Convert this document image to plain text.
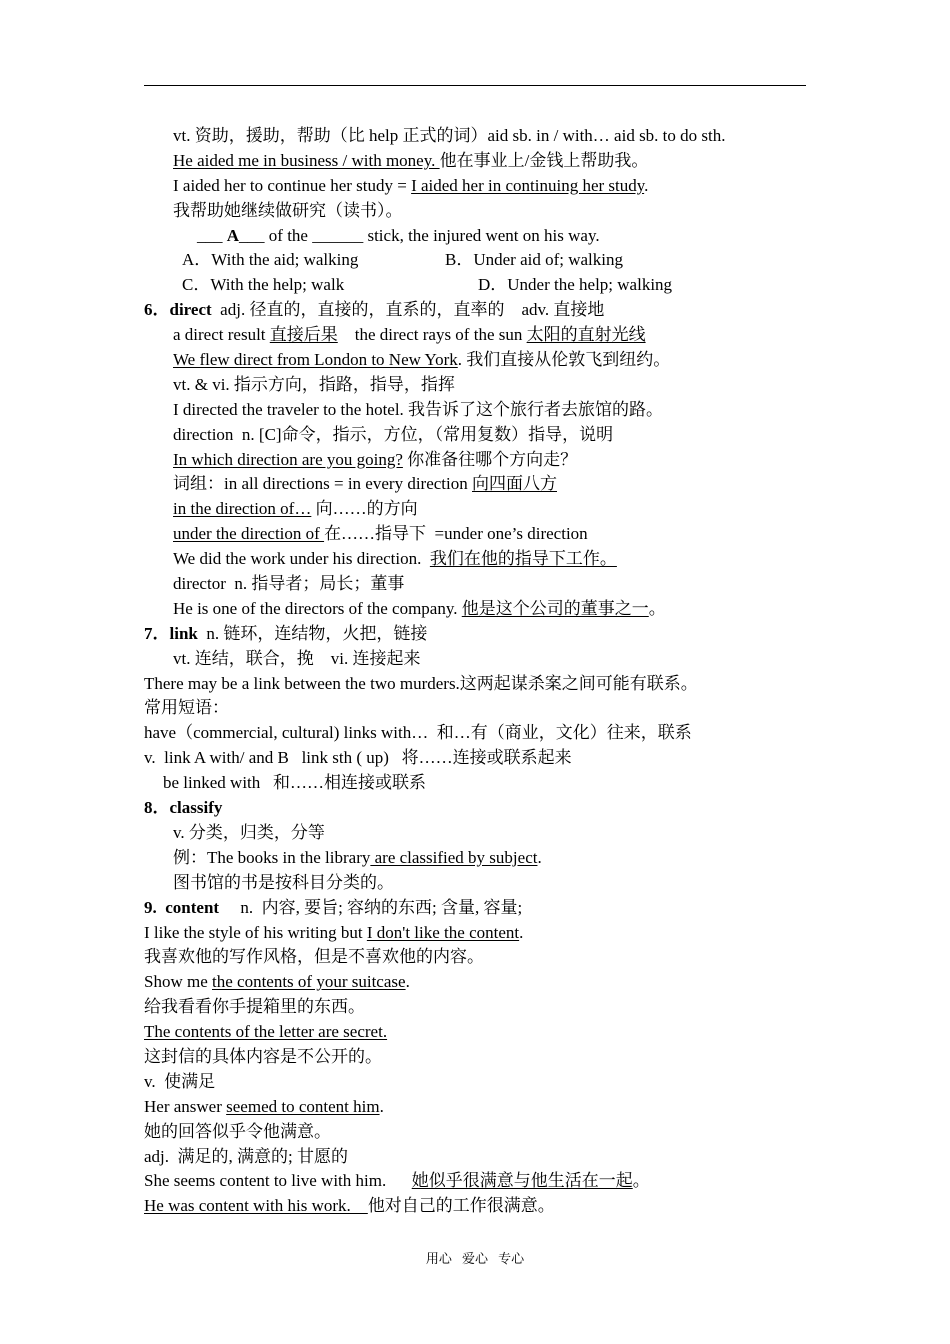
vt. 资助，援助，帮助（比 help 正式的词）aid sb. in / with… aid sb. to do sth.
He aided me in business / with money. 他在事业上/金钱上帮助我。
I aided her to continue her study = I aided her in continuing her study.
我帮助她继续做研究（读书）。
___ A___ of the ______ stick, the injured went on his way.

A．With the aid; walking

	B．Under aid of; walking

C．With the help; walk

	D．Under the help; walking

6．direct  adj. 径直的，直接的，直系的，直率的    adv. 直接地
a direct result 直接后果    the direct rays of the sun 太阳的直射光线
We flew direct from London to New York. 我们直接从伦敦飞到纽约。
vt. & vi. 指示方向，指路，指导，指挥
I directed the traveler to the hotel. 我告诉了这个旅行者去旅馆的路。
direction  n. [C]命令，指示，方位，（常用复数）指导，说明
In which direction are you going? 你准备往哪个方向走？
词组：in all directions = in every direction 向四面八方
in the direction of… 向……的方向
under the direction of 在……指导下  =under one’s direction
We did the work under his direction.  我们在他的指导下工作。
director  n. 指导者；局长；董事
He is one of the directors of the company. 他是这个公司的董事之一。
7．link  n. 链环，连结物，火把，链接
vt. 连结，联合，挽    vi. 连接起来
There may be a link between the two murders.这两起谋杀案之间可能有联系。
常用短语：
have（commercial, cultural) links with…  和…有（商业，文化）往来，联系
v.  link A with/ and B   link sth ( up)   将……连接或联系起来
be linked with   和……相连接或联系
8．classify
v. 分类，归类，分等
例：The books in the library are classified by subject.
图书馆的书是按科目分类的。
9.  content     n.  内容, 要旨; 容纳的东西; 含量, 容量;
I like the style of his writing but I don't like the content.
我喜欢他的写作风格，但是不喜欢他的内容。
Show me the contents of your suitcase.
给我看看你手提箱里的东西。
The contents of the letter are secret.
这封信的具体内容是不公开的。
v.  使满足
Her answer seemed to content him.
她的回答似乎令他满意。
adj.  满足的, 满意的; 甘愿的
She seems content to live with him.      她似乎很满意与他生活在一起。
He was content with his work.    他对自己的工作很满意。
用心 爱心 专心
